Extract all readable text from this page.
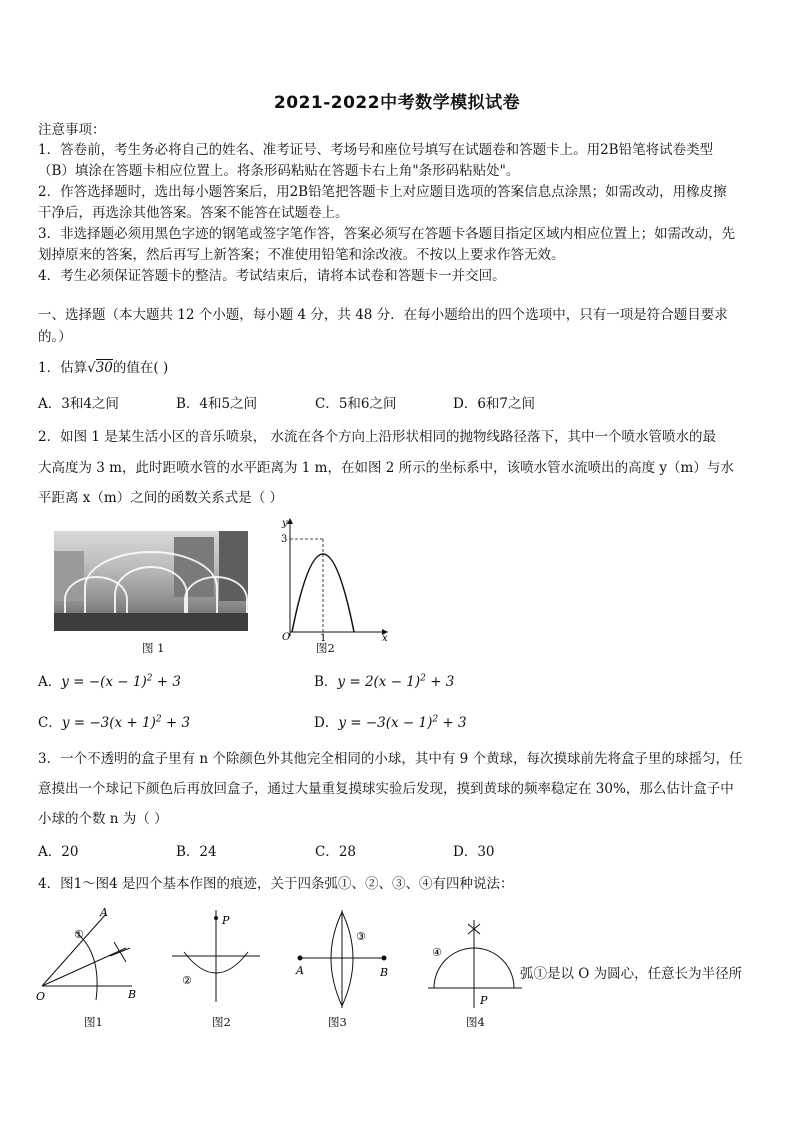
2021-2022中考数学模拟试卷
注意事项：
1．答卷前，考生务必将自己的姓名、准考证号、考场号和座位号填写在试题卷和答题卡上。用2B铅笔将试卷类型
（B）填涂在答题卡相应位置上。将条形码粘贴在答题卡右上角"条形码粘贴处"。
2．作答选择题时，选出每小题答案后，用2B铅笔把答题卡上对应题目选项的答案信息点涂黑；如需改动，用橡皮擦
干净后，再选涂其他答案。答案不能答在试题卷上。
3．非选择题必须用黑色字迹的钢笔或签字笔作答，答案必须写在答题卡各题目指定区域内相应位置上；如需改动，先
划掉原来的答案，然后再写上新答案；不准使用铅笔和涂改液。不按以上要求作答无效。
4．考生必须保证答题卡的整洁。考试结束后，请将本试卷和答题卡一并交回。
一、选择题（本大题共 12 个小题，每小题 4 分，共 48 分．在每小题给出的四个选项中，只有一项是符合题目要求
的。）
1．估算√30的值在( )
A．3和4之间	B．4和5之间	C．5和6之间	D．6和7之间
2．如图 1 是某生活小区的音乐喷泉， 水流在各个方向上沿形状相同的抛物线路径落下，其中一个喷水管喷水的最
大高度为 3 m，此时距喷水管的水平距离为 1 m，在如图 2 所示的坐标系中，该喷水管水流喷出的高度 y（m）与水
平距离 x（m）之间的函数关系式是（ ）
图 1
y
x
3
1
O
图2
A．$y = -(x - 1)^2 + 3$	B．$y = 2(x - 1)^2 + 3$
C．$y = -3(x + 1)^2 + 3$	D．$y = -3(x - 1)^2 + 3$
3．一个不透明的盒子里有 n 个除颜色外其他完全相同的小球，其中有 9 个黄球，每次摸球前先将盒子里的球摇匀，任
意摸出一个球记下颜色后再放回盒子，通过大量重复摸球实验后发现，摸到黄球的频率稳定在 30%，那么估计盒子中
小球的个数 n 为（ ）
A．20	B．24	C．28	D．30
4．图1～图4 是四个基本作图的痕迹，关于四条弧①、②、③、④有四种说法：
A
O	B
①
图1
P
②
图2
A	B
③
图3
P
④
图4
弧①是以 O 为圆心，任意长为半径所
